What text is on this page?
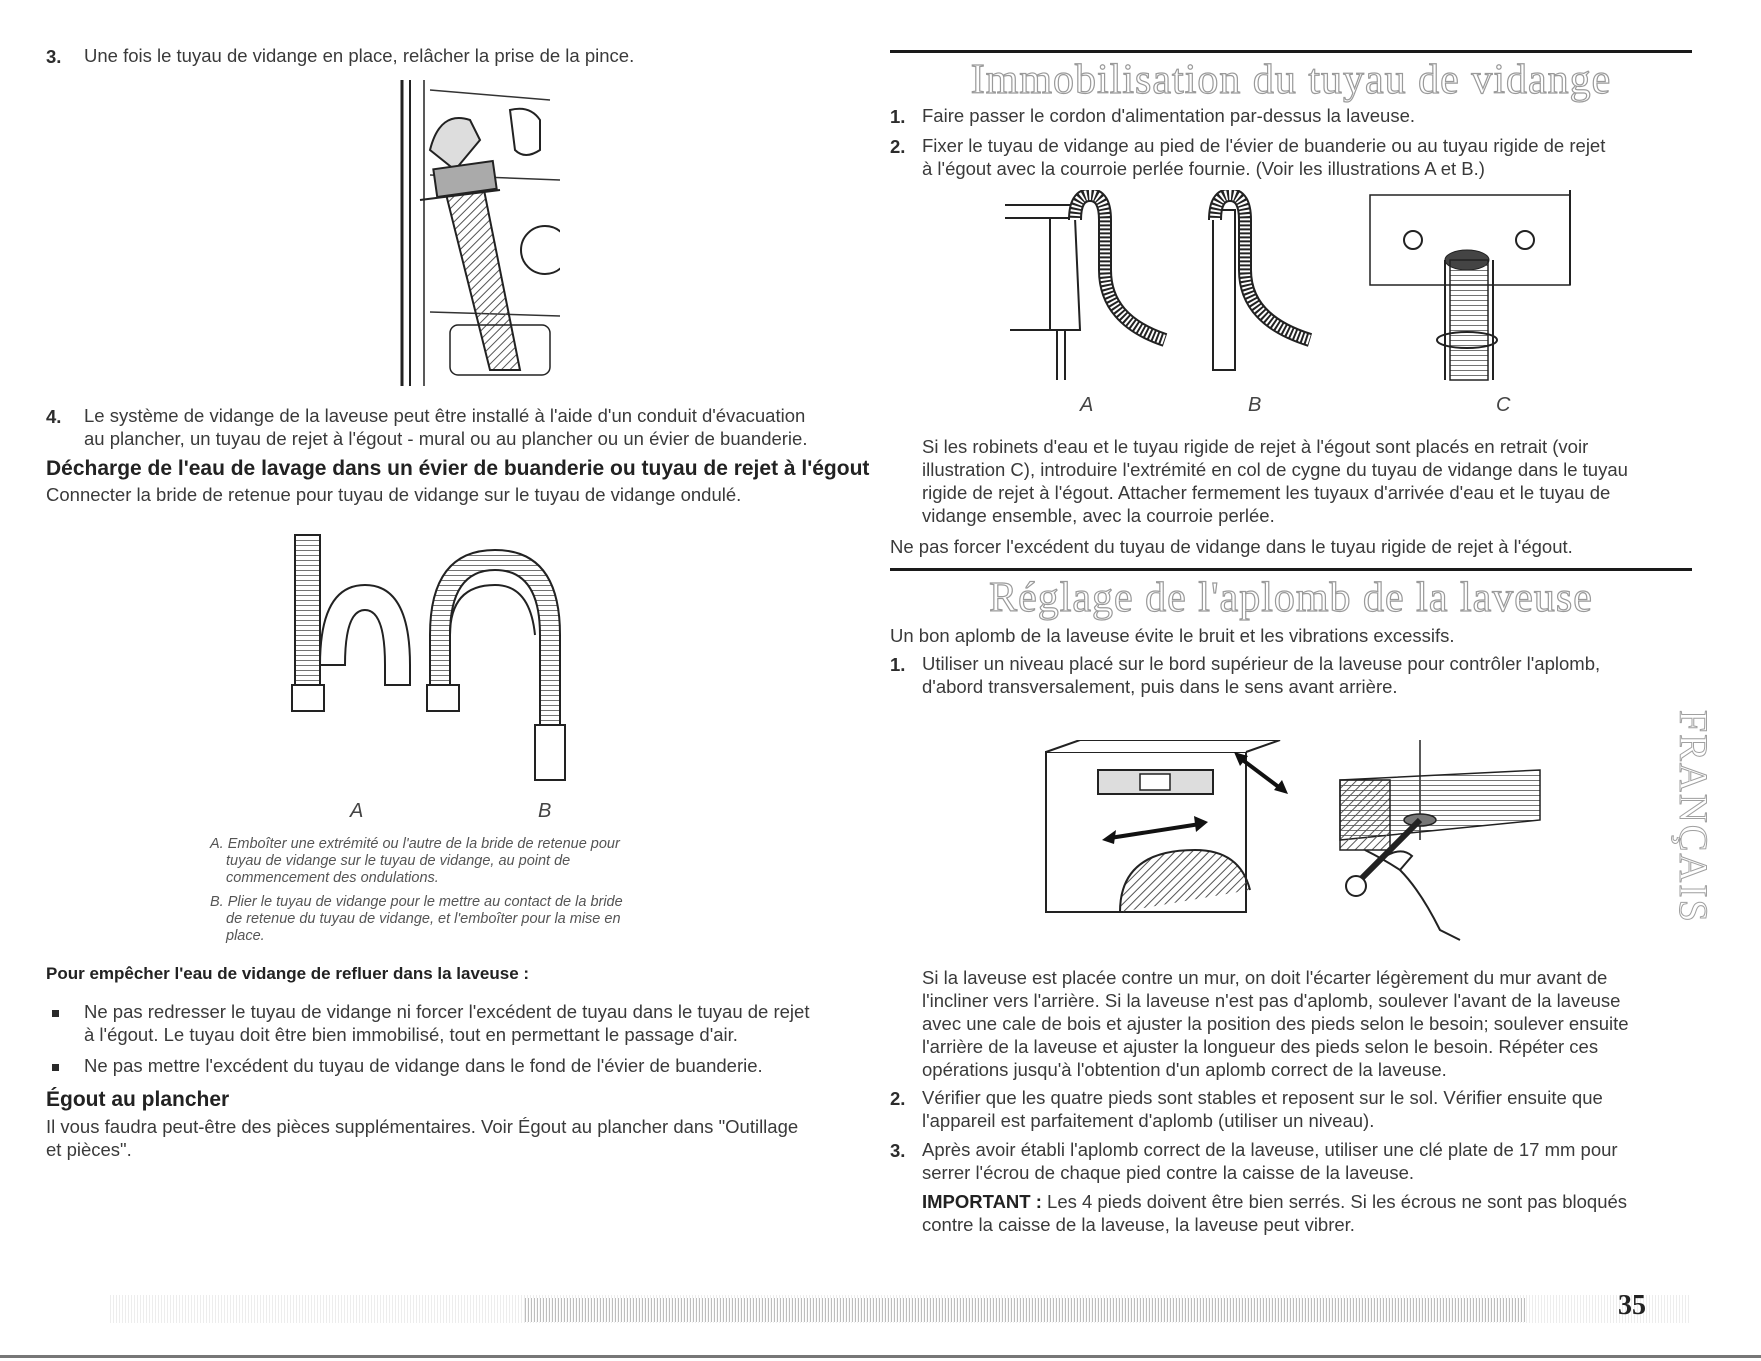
3. Une fois le tuyau de vidange en place, relâcher la prise de la pince.
4. Le système de vidange de la laveuse peut être installé à l'aide d'un conduit d'évacuation
au plancher, un tuyau de rejet à l'égout - mural ou au plancher ou un évier de buanderie.
Décharge de l'eau de lavage dans un évier de buanderie ou tuyau de rejet à l'égout
Connecter la bride de retenue pour tuyau de vidange sur le tuyau de vidange ondulé.
A	B
A. Emboîter une extrémité ou l'autre de la bride de retenue pour
tuyau de vidange sur le tuyau de vidange, au point de
commencement des ondulations.
B. Plier le tuyau de vidange pour le mettre au contact de la bride
de retenue du tuyau de vidange, et l'emboîter pour la mise en
place.
Pour empêcher l'eau de vidange de refluer dans la laveuse :
Ne pas redresser le tuyau de vidange ni forcer l'excédent de tuyau dans le tuyau de rejet
à l'égout. Le tuyau doit être bien immobilisé, tout en permettant le passage d'air.
Ne pas mettre l'excédent du tuyau de vidange dans le fond de l'évier de buanderie.
Égout au plancher
Il vous faudra peut-être des pièces supplémentaires. Voir Égout au plancher dans "Outillage
et pièces".
Immobilisation du tuyau de vidange
1. Faire passer le cordon d'alimentation par-dessus la laveuse.
2. Fixer le tuyau de vidange au pied de l'évier de buanderie ou au tuyau rigide de rejet
à l'égout avec la courroie perlée fournie. (Voir les illustrations A et B.)
A	B	C
Si les robinets d'eau et le tuyau rigide de rejet à l'égout sont placés en retrait (voir
illustration C), introduire l'extrémité en col de cygne du tuyau de vidange dans le tuyau
rigide de rejet à l'égout. Attacher fermement les tuyaux d'arrivée d'eau et le tuyau de
vidange ensemble, avec la courroie perlée.
Ne pas forcer l'excédent du tuyau de vidange dans le tuyau rigide de rejet à l'égout.
Réglage de l'aplomb de la laveuse
Un bon aplomb de la laveuse évite le bruit et les vibrations excessifs.
1. Utiliser un niveau placé sur le bord supérieur de la laveuse pour contrôler l'aplomb,
d'abord transversalement, puis dans le sens avant arrière.
Si la laveuse est placée contre un mur, on doit l'écarter légèrement du mur avant de
l'incliner vers l'arrière. Si la laveuse n'est pas d'aplomb, soulever l'avant de la laveuse
avec une cale de bois et ajuster la position des pieds selon le besoin; soulever ensuite
l'arrière de la laveuse et ajuster la longueur des pieds selon le besoin. Répéter ces
opérations jusqu'à l'obtention d'un aplomb correct de la laveuse.
2. Vérifier que les quatre pieds sont stables et reposent sur le sol. Vérifier ensuite que
l'appareil est parfaitement d'aplomb (utiliser un niveau).
3. Après avoir établi l'aplomb correct de la laveuse, utiliser une clé plate de 17 mm pour
serrer l'écrou de chaque pied contre la caisse de la laveuse.
IMPORTANT : Les 4 pieds doivent être bien serrés. Si les écrous ne sont pas bloqués
contre la caisse de la laveuse, la laveuse peut vibrer.
FRANÇAIS
35
